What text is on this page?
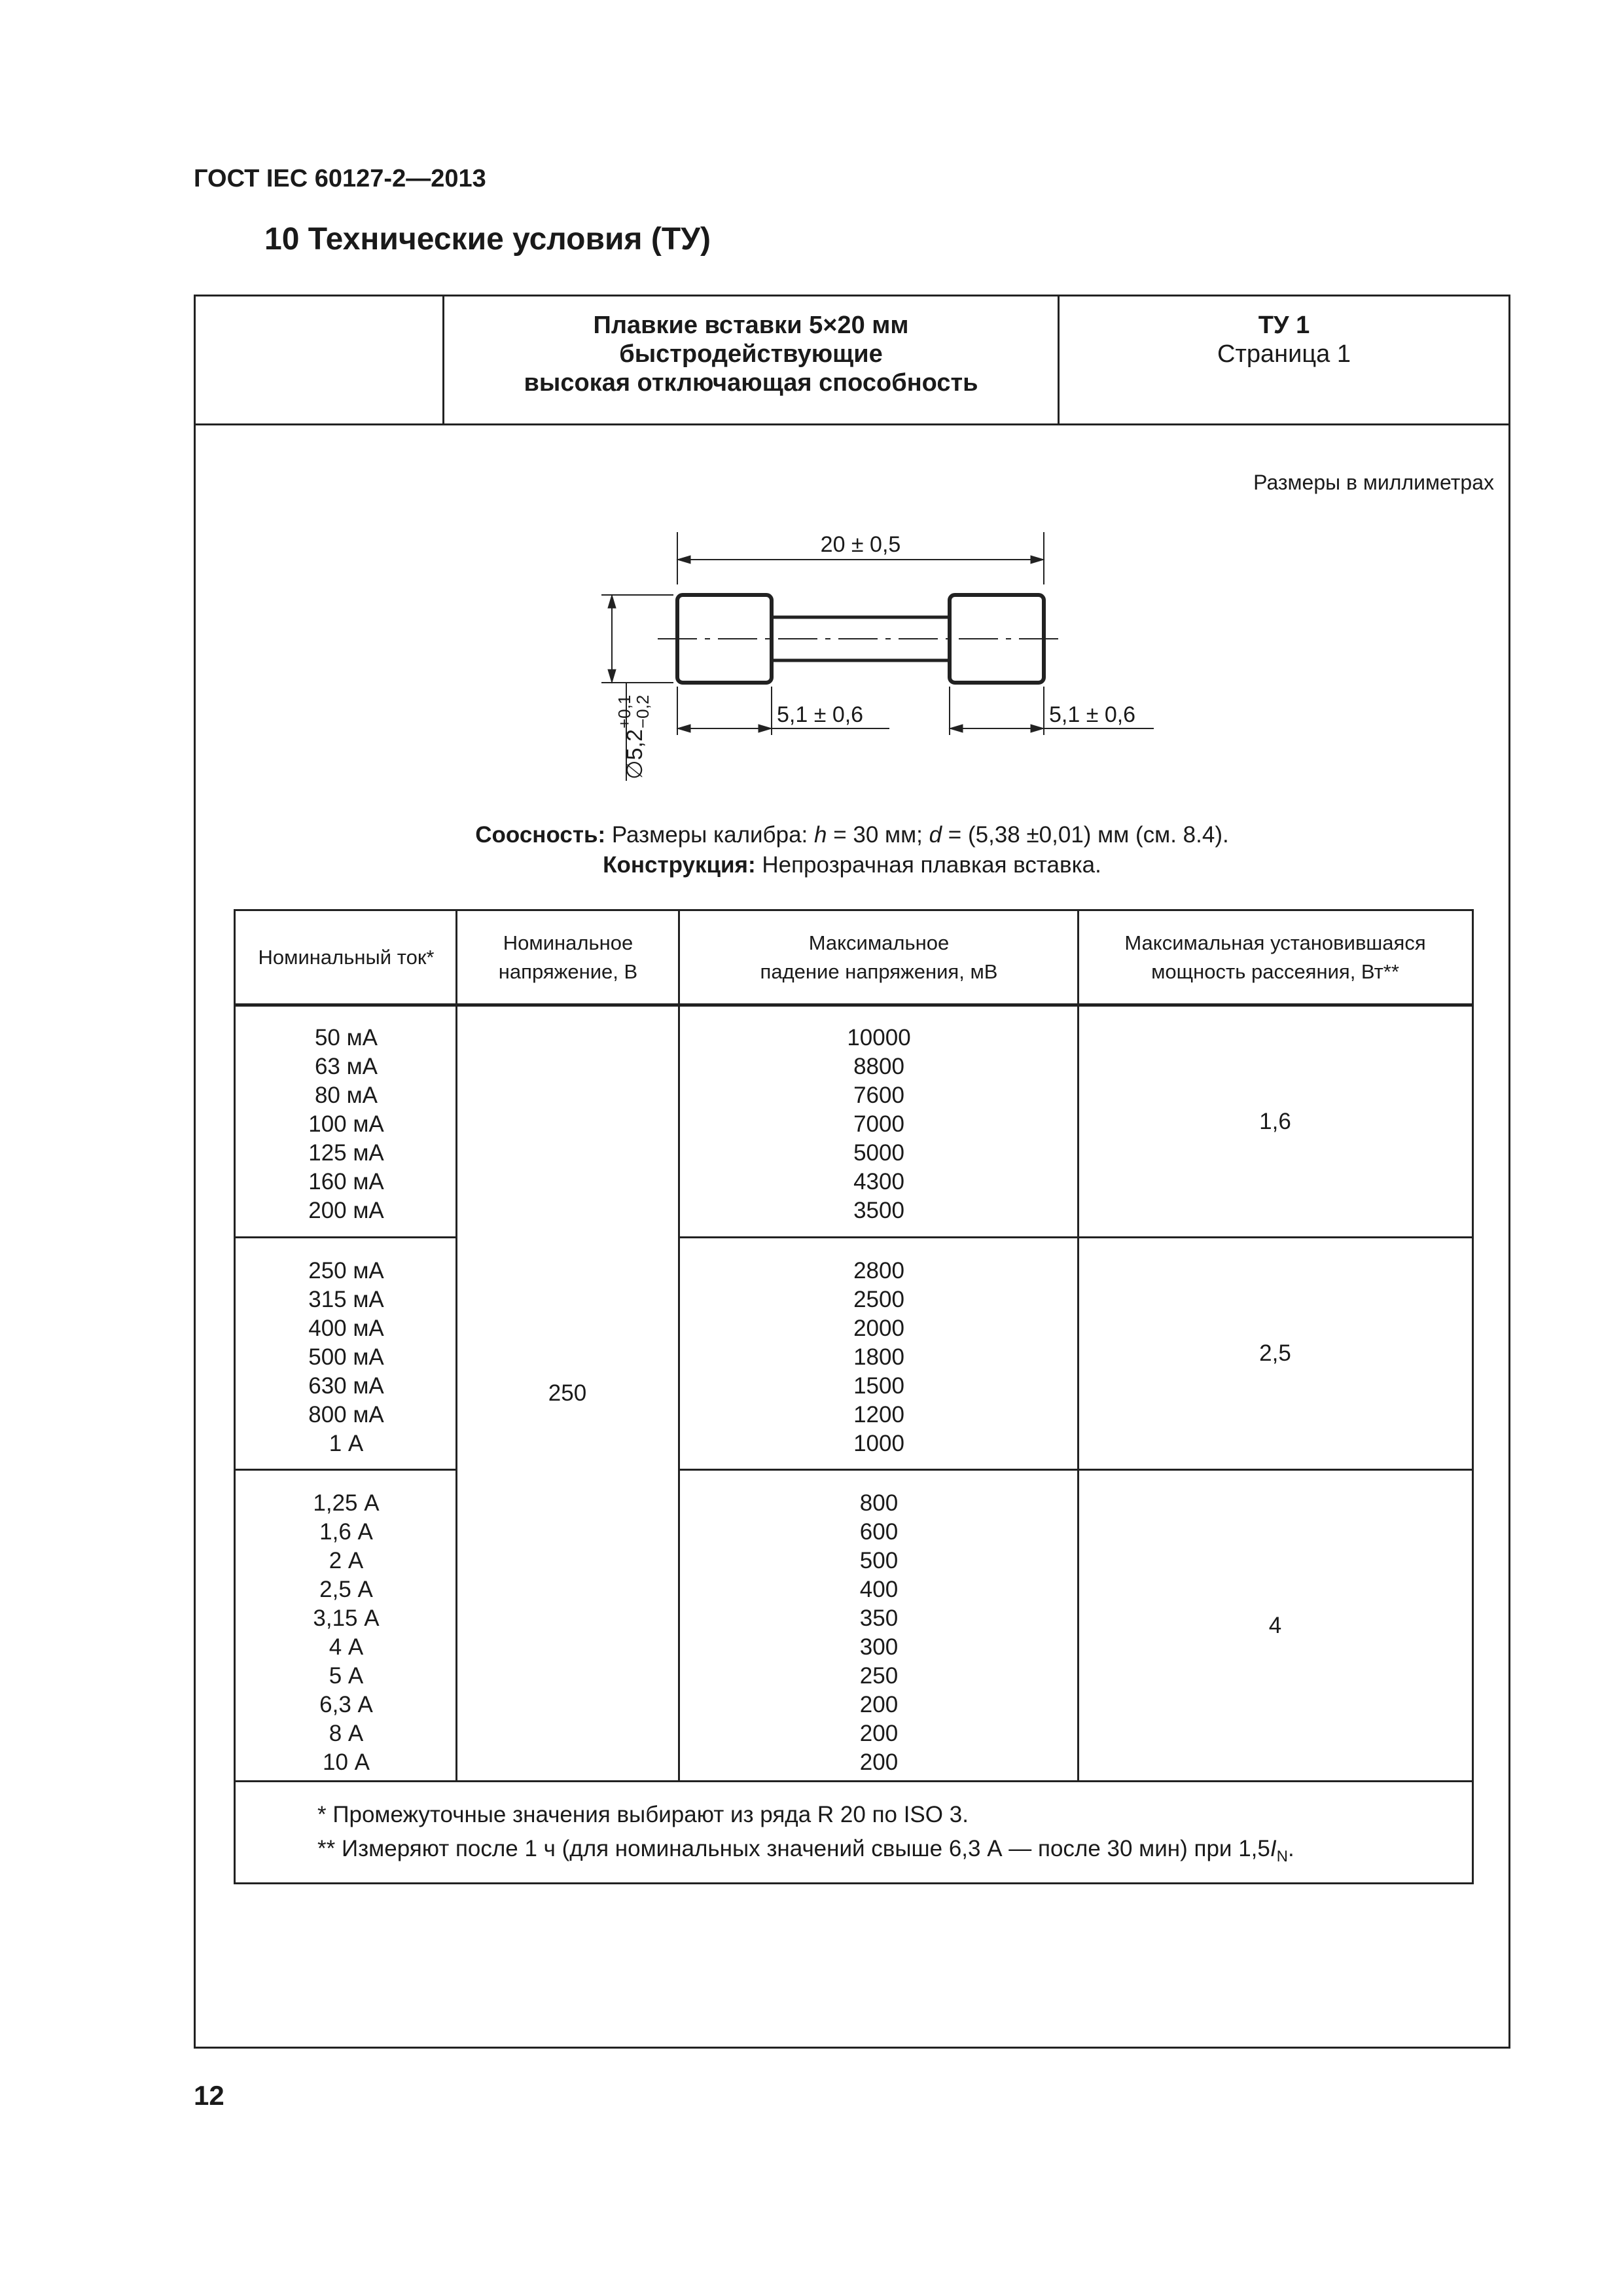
ГОСТ IEC 60127-2—2013
10 Технические условия (ТУ)
Плавкие вставки 5×20 мм
быстродействующие
высокая отключающая способность
ТУ 1
Страница 1
Размеры в миллиметрах
20 ± 0,5
5,1 ± 0,6	5,1 ± 0,6
∅5,2
+0,1
−0,2
Соосность: Размеры калибра: h = 30 мм; d = (5,38 ±0,01) мм (см. 8.4).
Конструкция: Непрозрачная плавкая вставка.
Номинальный ток*
Номинальное
напряжение, В
Максимальное
падение напряжения, мВ
Максимальная установившаяся
мощность рассеяния, Вт**
50 мА
63 мА
80 мА
100 мА
125 мА
160 мА
200 мА
10000
8800
7600
7000
5000
4300
3500
1,6
250 мА
315 мА
400 мА
500 мА
630 мА
800 мА
1 А
2800
2500
2000
1800
1500
1200
1000
2,5
250
1,25 А
1,6 А
2 А
2,5 А
3,15 А
4 А
5 А
6,3 А
8 А
10 А
800
600
500
400
350
300
250
200
200
200
4
* Промежуточные значения выбирают из ряда R 20 по ISO 3.
** Измеряют после 1 ч (для номинальных значений свыше 6,3 А — после 30 мин) при $1,5I_N$.
12
